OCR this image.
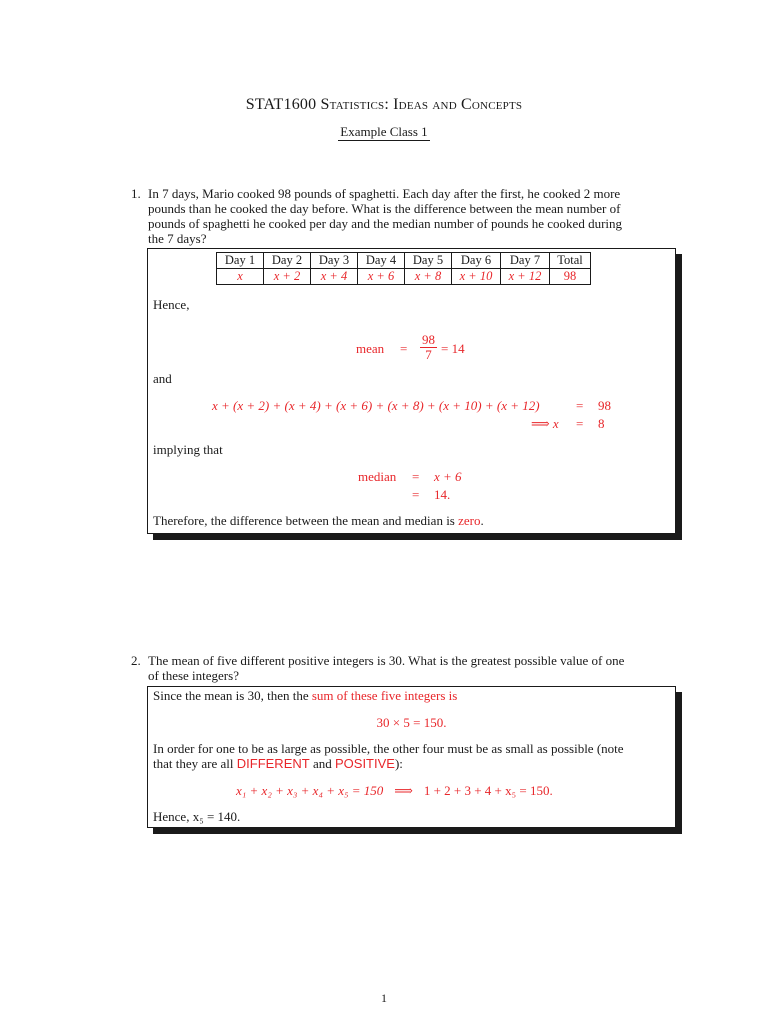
STAT1600 Statistics: Ideas and Concepts
Example Class 1
1. In 7 days, Mario cooked 98 pounds of spaghetti. Each day after the first, he cooked 2 more
pounds than he cooked the day before. What is the difference between the mean number of
pounds of spaghetti he cooked per day and the median number of pounds he cooked during
the 7 days?
Day 1	Day 2	Day 3	Day 4	Day 5	Day 6	Day 7	Total
x	x + 2	x + 4	x + 6	x + 8	x + 10	x + 12	98
Hence,
mean = $\frac{98}{7} = 14$
and
x + (x + 2) + (x + 4) + (x + 6) + (x + 8) + (x + 10) + (x + 12)	= 98
⟹ x = 8
implying that
median = x + 6
= 14.
Therefore, the difference between the mean and median is zero.
2. The mean of five different positive integers is 30. What is the greatest possible value of one
of these integers?
Since the mean is 30, then the sum of these five integers is
30 × 5 = 150.
In order for one to be as large as possible, the other four must be as small as possible (note
that they are all DIFFERENT and POSITIVE):
x₁ + x₂ + x₃ + x₄ + x₅ = 150 ⟹ 1 + 2 + 3 + 4 + x₅ = 150.
Hence, x₅ = 140.
1
